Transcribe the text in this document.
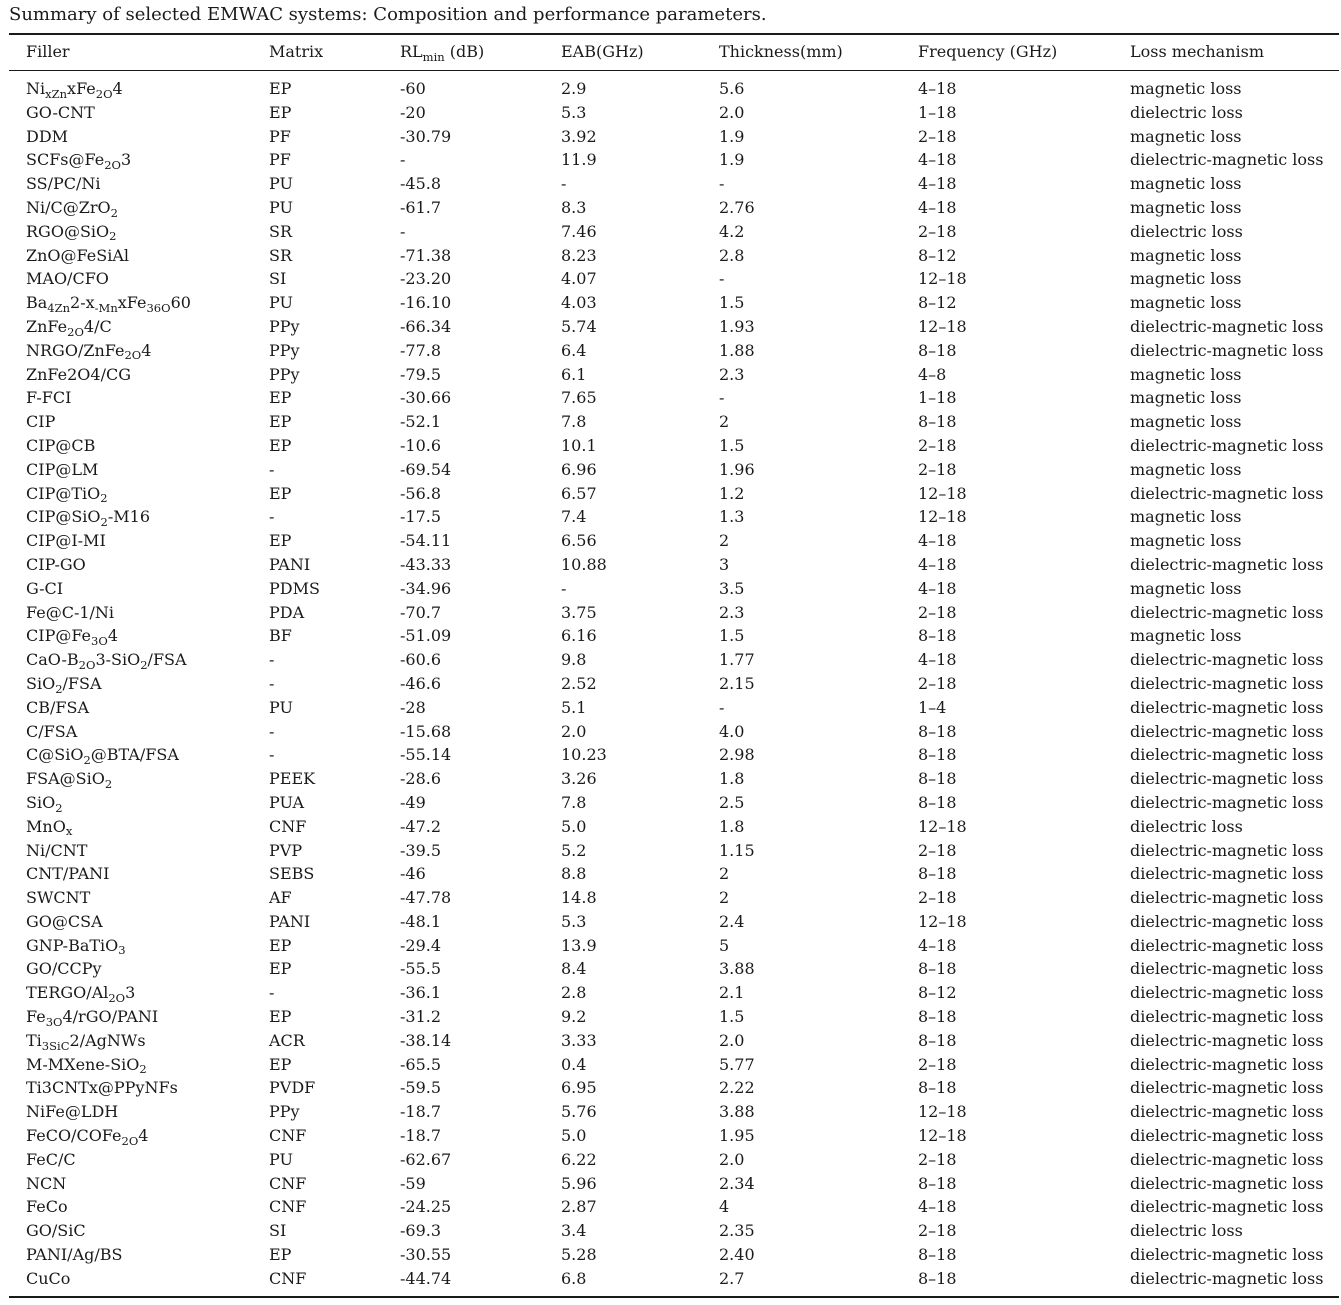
Summary of selected EMWAC systems: Composition and performance parameters.
Filler	Matrix	$RL_{min}$ (dB)	EAB(GHz)	Thickness(mm)	Frequency (GHz)	Loss mechanism
$Ni_{xZn}xFe_{2O}4$	EP	-60	2.9	5.6	4–18	magnetic loss
GO-CNT	EP	-20	5.3	2.0	1–18	dielectric loss
DDM	PF	-30.79	3.92	1.9	2–18	magnetic loss
$SCFs@Fe_{2O}3$	PF	-	11.9	1.9	4–18	dielectric-magnetic loss
SS/PC/Ni	PU	-45.8	-	-	4–18	magnetic loss
Ni/C@ZrO$_2$	PU	-61.7	8.3	2.76	4–18	magnetic loss
RGO@SiO$_2$	SR	-	7.46	4.2	2–18	dielectric loss
ZnO@FeSiAl	SR	-71.38	8.23	2.8	8–12	magnetic loss
MAO/CFO	SI	-23.20	4.07	-	12–18	magnetic loss
$Ba_{4Zn}2-x_{-Mn}xFe_{36O}60$	PU	-16.10	4.03	1.5	8–12	magnetic loss
ZnFe$_{2O}$4/C	PPy	-66.34	5.74	1.93	12–18	dielectric-magnetic loss
NRGO/ZnFe$_{2O}$4	PPy	-77.8	6.4	1.88	8–18	dielectric-magnetic loss
ZnFe2O4/CG	PPy	-79.5	6.1	2.3	4–8	magnetic loss
F-FCI	EP	-30.66	7.65	-	1–18	magnetic loss
CIP	EP	-52.1	7.8	2	8–18	magnetic loss
CIP@CB	EP	-10.6	10.1	1.5	2–18	dielectric-magnetic loss
CIP@LM	-	-69.54	6.96	1.96	2–18	magnetic loss
CIP@TiO$_2$	EP	-56.8	6.57	1.2	12–18	dielectric-magnetic loss
CIP@SiO$_2$-M16	-	-17.5	7.4	1.3	12–18	magnetic loss
CIP@I-MI	EP	-54.11	6.56	2	4–18	magnetic loss
CIP-GO	PANI	-43.33	10.88	3	4–18	dielectric-magnetic loss
G-CI	PDMS	-34.96	-	3.5	4–18	magnetic loss
Fe@C-1/Ni	PDA	-70.7	3.75	2.3	2–18	dielectric-magnetic loss
$CIP@Fe_{3O}4$	BF	-51.09	6.16	1.5	8–18	magnetic loss
CaO-$B_{2O}3-SiO_2$/FSA	-	-60.6	9.8	1.77	4–18	dielectric-magnetic loss
SiO$_2$/FSA	-	-46.6	2.52	2.15	2–18	dielectric-magnetic loss
CB/FSA	PU	-28	5.1	-	1–4	dielectric-magnetic loss
C/FSA	-	-15.68	2.0	4.0	8–18	dielectric-magnetic loss
C@SiO$_2$@BTA/FSA	-	-55.14	10.23	2.98	8–18	dielectric-magnetic loss
FSA@SiO$_2$	PEEK	-28.6	3.26	1.8	8–18	dielectric-magnetic loss
SiO$_2$	PUA	-49	7.8	2.5	8–18	dielectric-magnetic loss
MnO$_x$	CNF	-47.2	5.0	1.8	12–18	dielectric loss
Ni/CNT	PVP	-39.5	5.2	1.15	2–18	dielectric-magnetic loss
CNT/PANI	SEBS	-46	8.8	2	8–18	dielectric-magnetic loss
SWCNT	AF	-47.78	14.8	2	2–18	dielectric-magnetic loss
GO@CSA	PANI	-48.1	5.3	2.4	12–18	dielectric-magnetic loss
GNP-BaTiO$_3$	EP	-29.4	13.9	5	4–18	dielectric-magnetic loss
GO/CCPy	EP	-55.5	8.4	3.88	8–18	dielectric-magnetic loss
TERGO/$Al_{2O}3$	-	-36.1	2.8	2.1	8–12	dielectric-magnetic loss
$Fe_{3O}4/rGO$/PANI	EP	-31.2	9.2	1.5	8–18	dielectric-magnetic loss
$Ti_{3SiC}2$/AgNWs	ACR	-38.14	3.33	2.0	8–18	dielectric-magnetic loss
M-MXene-SiO$_2$	EP	-65.5	0.4	5.77	2–18	dielectric-magnetic loss
Ti3CNTx@PPyNFs	PVDF	-59.5	6.95	2.22	8–18	dielectric-magnetic loss
NiFe@LDH	PPy	-18.7	5.76	3.88	12–18	dielectric-magnetic loss
FeCO/COFe$_{2O}$4	CNF	-18.7	5.0	1.95	12–18	dielectric-magnetic loss
FeC/C	PU	-62.67	6.22	2.0	2–18	dielectric-magnetic loss
NCN	CNF	-59	5.96	2.34	8–18	dielectric-magnetic loss
FeCo	CNF	-24.25	2.87	4	4–18	dielectric-magnetic loss
GO/SiC	SI	-69.3	3.4	2.35	2–18	dielectric loss
PANI/Ag/BS	EP	-30.55	5.28	2.40	8–18	dielectric-magnetic loss
CuCo	CNF	-44.74	6.8	2.7	8–18	dielectric-magnetic loss
